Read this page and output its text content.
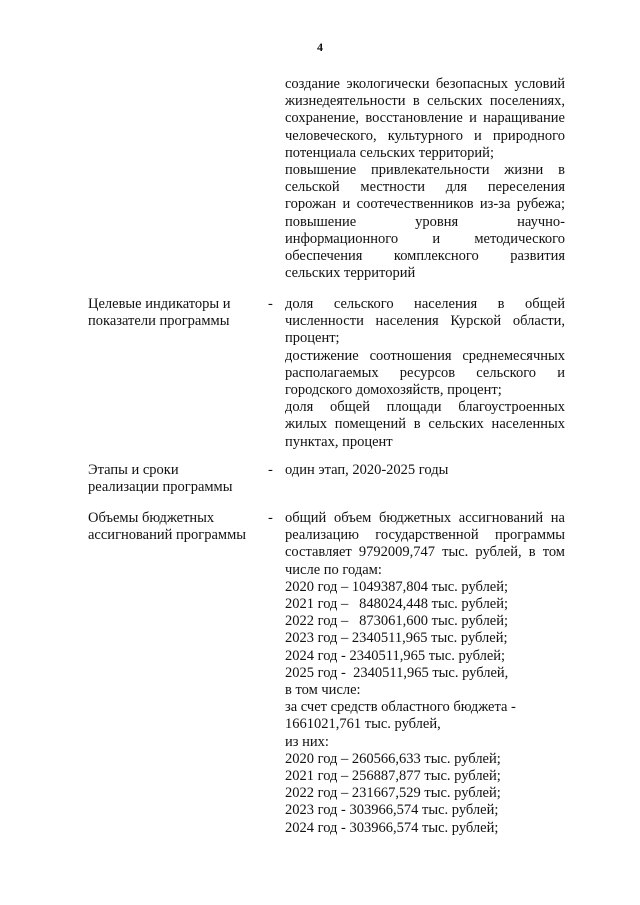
4
создание экологически безопасных условий
жизнедеятельности в сельских поселениях,
сохранение, восстановление и наращивание
человеческого, культурного и природного
потенциала сельских территорий;
повышение привлекательности жизни в
сельской местности для переселения
горожан и соотечественников из-за рубежа;
повышение уровня научно-
информационного и методического
обеспечения комплексного развития
сельских территорий
Целевые индикаторы и
показатели программы
- доля сельского населения в общей
численности населения Курской области,
процент;
достижение соотношения среднемесячных
располагаемых ресурсов сельского и
городского домохозяйств, процент;
доля общей площади благоустроенных
жилых помещений в сельских населенных
пунктах, процент
Этапы и сроки
реализации программы
- один этап, 2020-2025 годы
Объемы бюджетных
ассигнований программы
- общий объем бюджетных ассигнований на
реализацию государственной программы
составляет 9792009,747 тыс. рублей, в том
числе по годам:
2020 год – 1049387,804 тыс. рублей;
2021 год –   848024,448 тыс. рублей;
2022 год –   873061,600 тыс. рублей;
2023 год – 2340511,965 тыс. рублей;
2024 год - 2340511,965 тыс. рублей;
2025 год -  2340511,965 тыс. рублей,
в том числе:
за счет средств областного бюджета -
1661021,761 тыс. рублей,
из них:
2020 год – 260566,633 тыс. рублей;
2021 год – 256887,877 тыс. рублей;
2022 год – 231667,529 тыс. рублей;
2023 год - 303966,574 тыс. рублей;
2024 год - 303966,574 тыс. рублей;
